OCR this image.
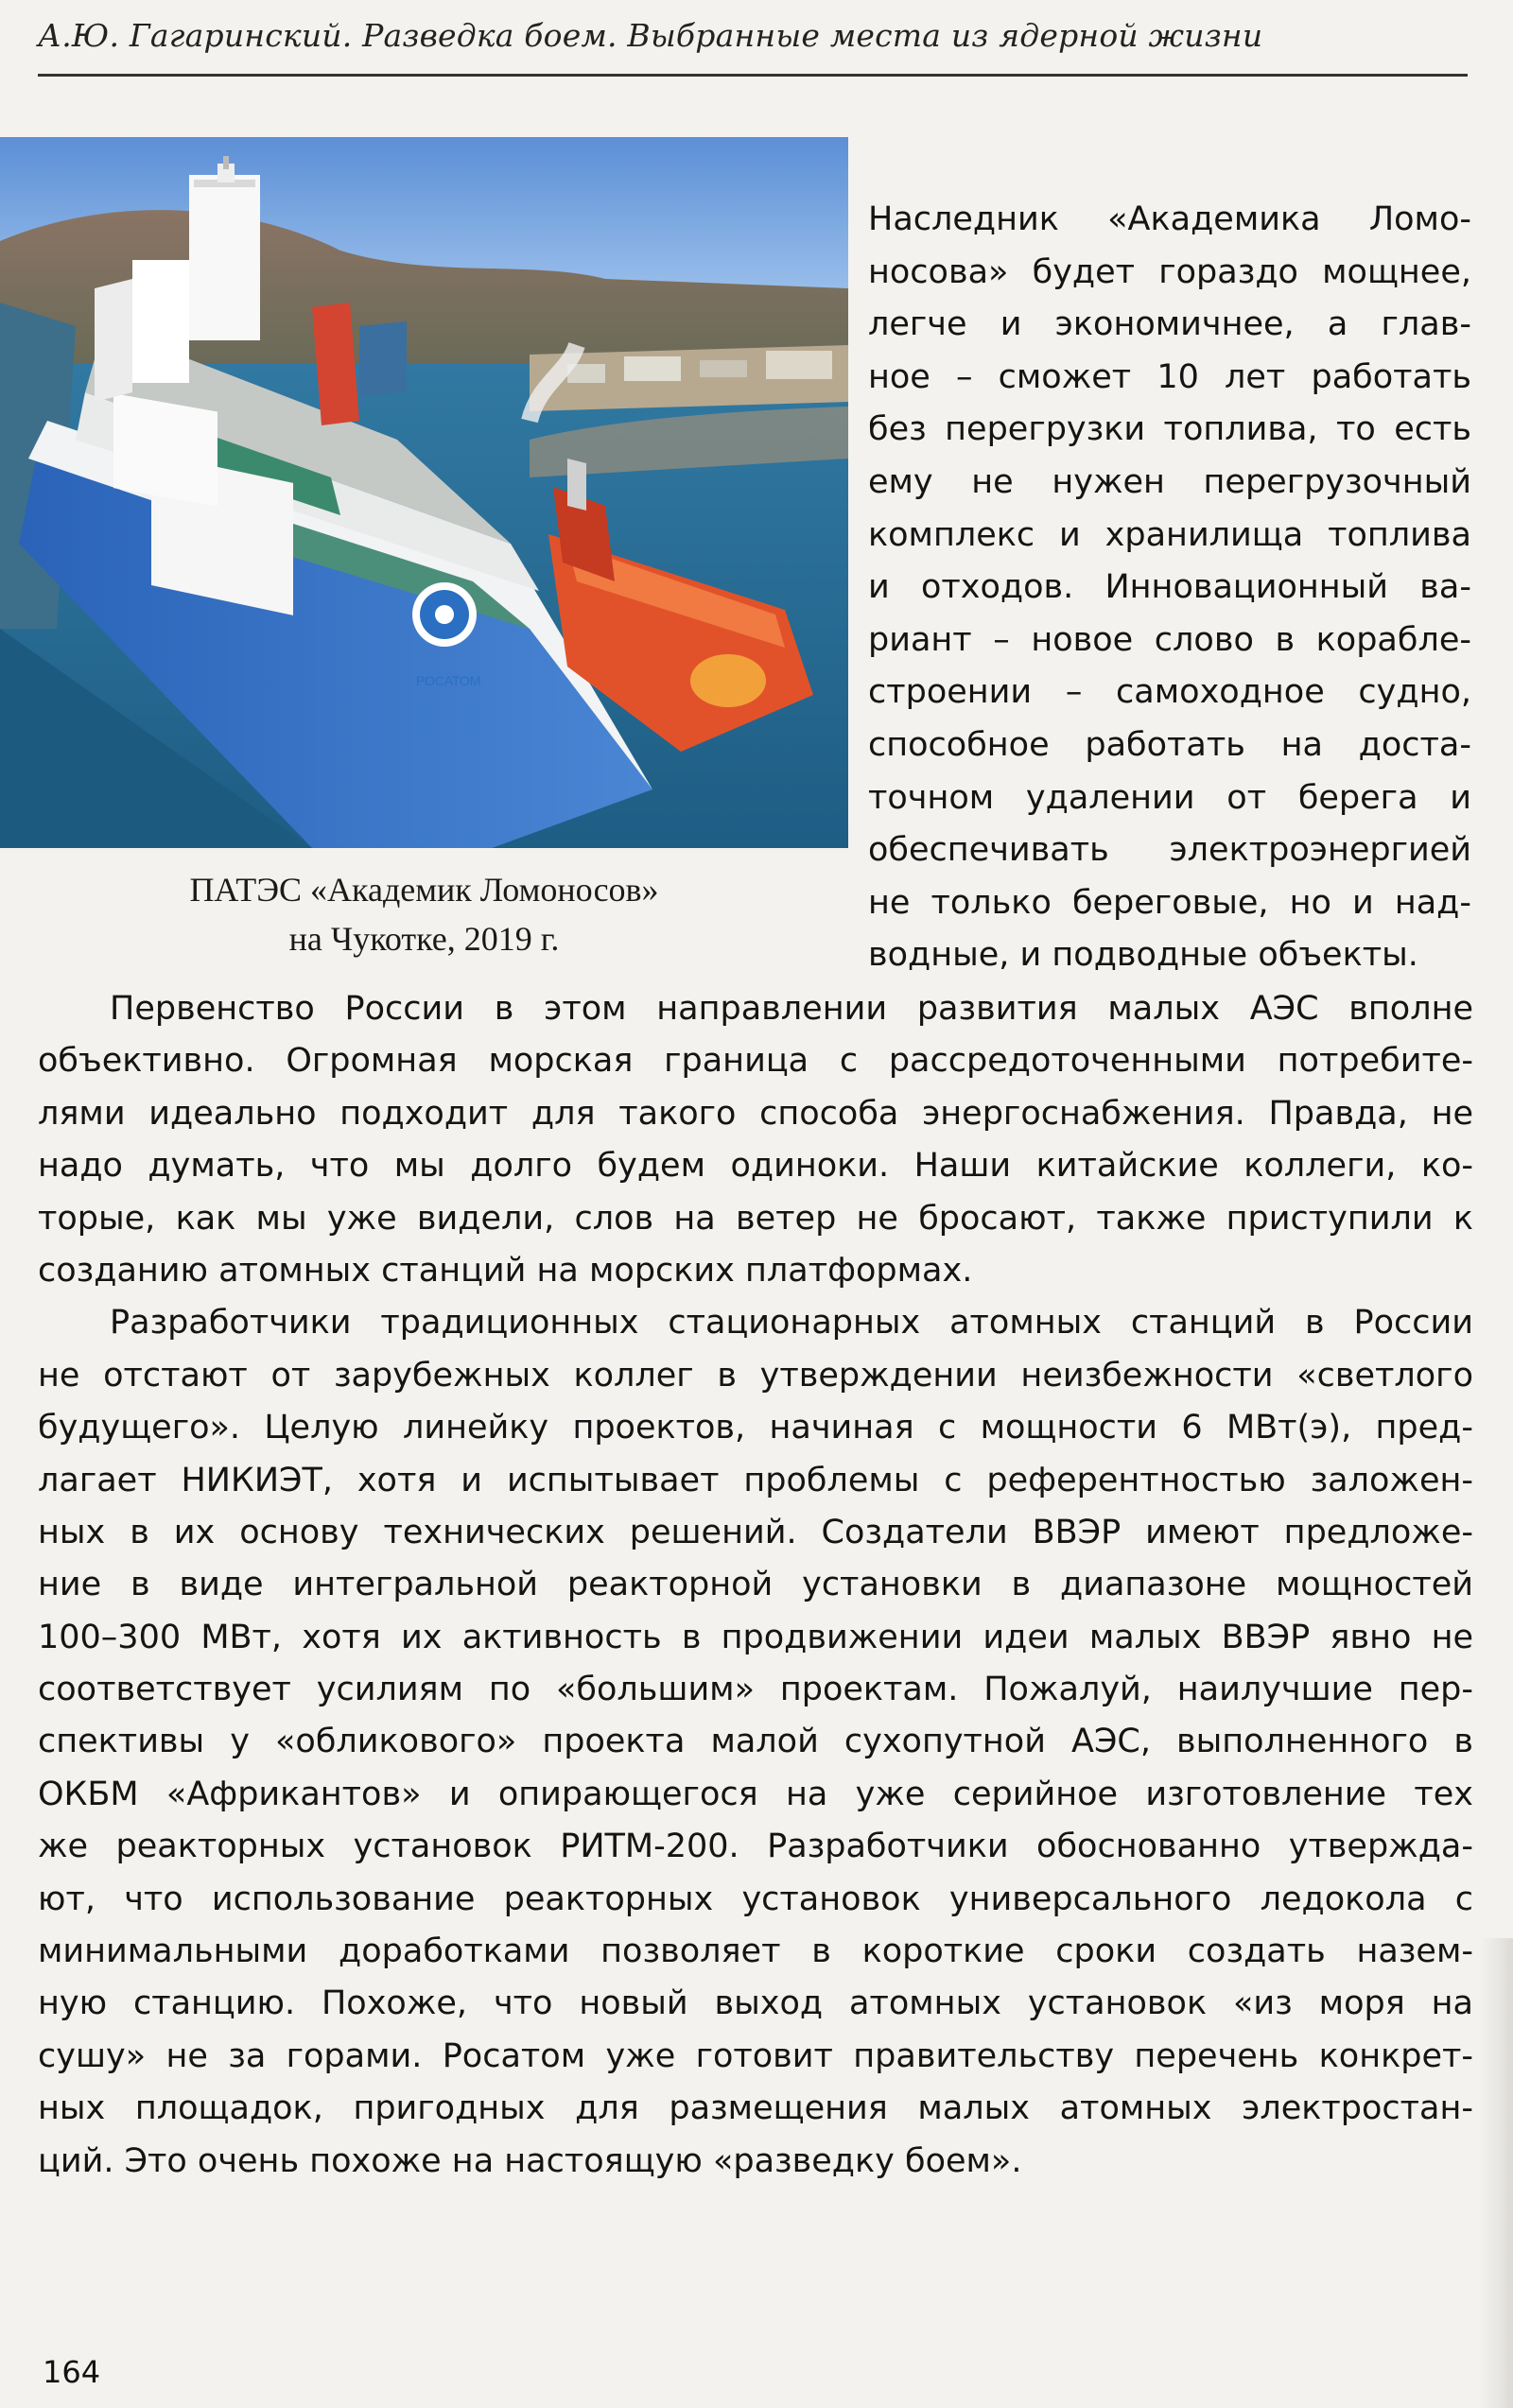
А.Ю. Гагаринский. Разведка боем. Выбранные места из ядерной жизни
РОСАТОМ
ПАТЭС «Академик Ломоносов»
на Чукотке, 2019 г.
Наследник «Академика Ломо-
носова» будет гораздо мощнее,
легче и экономичнее, а глав-
ное – сможет 10 лет работать
без перегрузки топлива, то есть
ему не нужен перегрузочный
комплекс и хранилища топлива
и отходов. Инновационный ва-
риант – новое слово в корабле-
строении – самоходное судно,
способное работать на доста-
точном удалении от берега и
обеспечивать электроэнергией
не только береговые, но и над-
водные, и подводные объекты.
Первенство России в этом направлении развития малых АЭС вполне
объективно. Огромная морская граница с рассредоточенными потребите-
лями идеально подходит для такого способа энергоснабжения. Правда, не
надо думать, что мы долго будем одиноки. Наши китайские коллеги, ко-
торые, как мы уже видели, слов на ветер не бросают, также приступили к
созданию атомных станций на морских платформах.
Разработчики традиционных стационарных атомных станций в России
не отстают от зарубежных коллег в утверждении неизбежности «светлого
будущего». Целую линейку проектов, начиная с мощности 6 МВт(э), пред-
лагает НИКИЭТ, хотя и испытывает проблемы с референтностью заложен-
ных в их основу технических решений. Создатели ВВЭР имеют предложе-
ние в виде интегральной реакторной установки в диапазоне мощностей
100–300 МВт, хотя их активность в продвижении идеи малых ВВЭР явно не
соответствует усилиям по «большим» проектам. Пожалуй, наилучшие пер-
спективы у «обликового» проекта малой сухопутной АЭС, выполненного в
ОКБМ «Африкантов» и опирающегося на уже серийное изготовление тех
же реакторных установок РИТМ-200. Разработчики обоснованно утвержда-
ют, что использование реакторных установок универсального ледокола с
минимальными доработками позволяет в короткие сроки создать назем-
ную станцию. Похоже, что новый выход атомных установок «из моря на
сушу» не за горами. Росатом уже готовит правительству перечень конкрет-
ных площадок, пригодных для размещения малых атомных электростан-
ций. Это очень похоже на настоящую «разведку боем».
164
